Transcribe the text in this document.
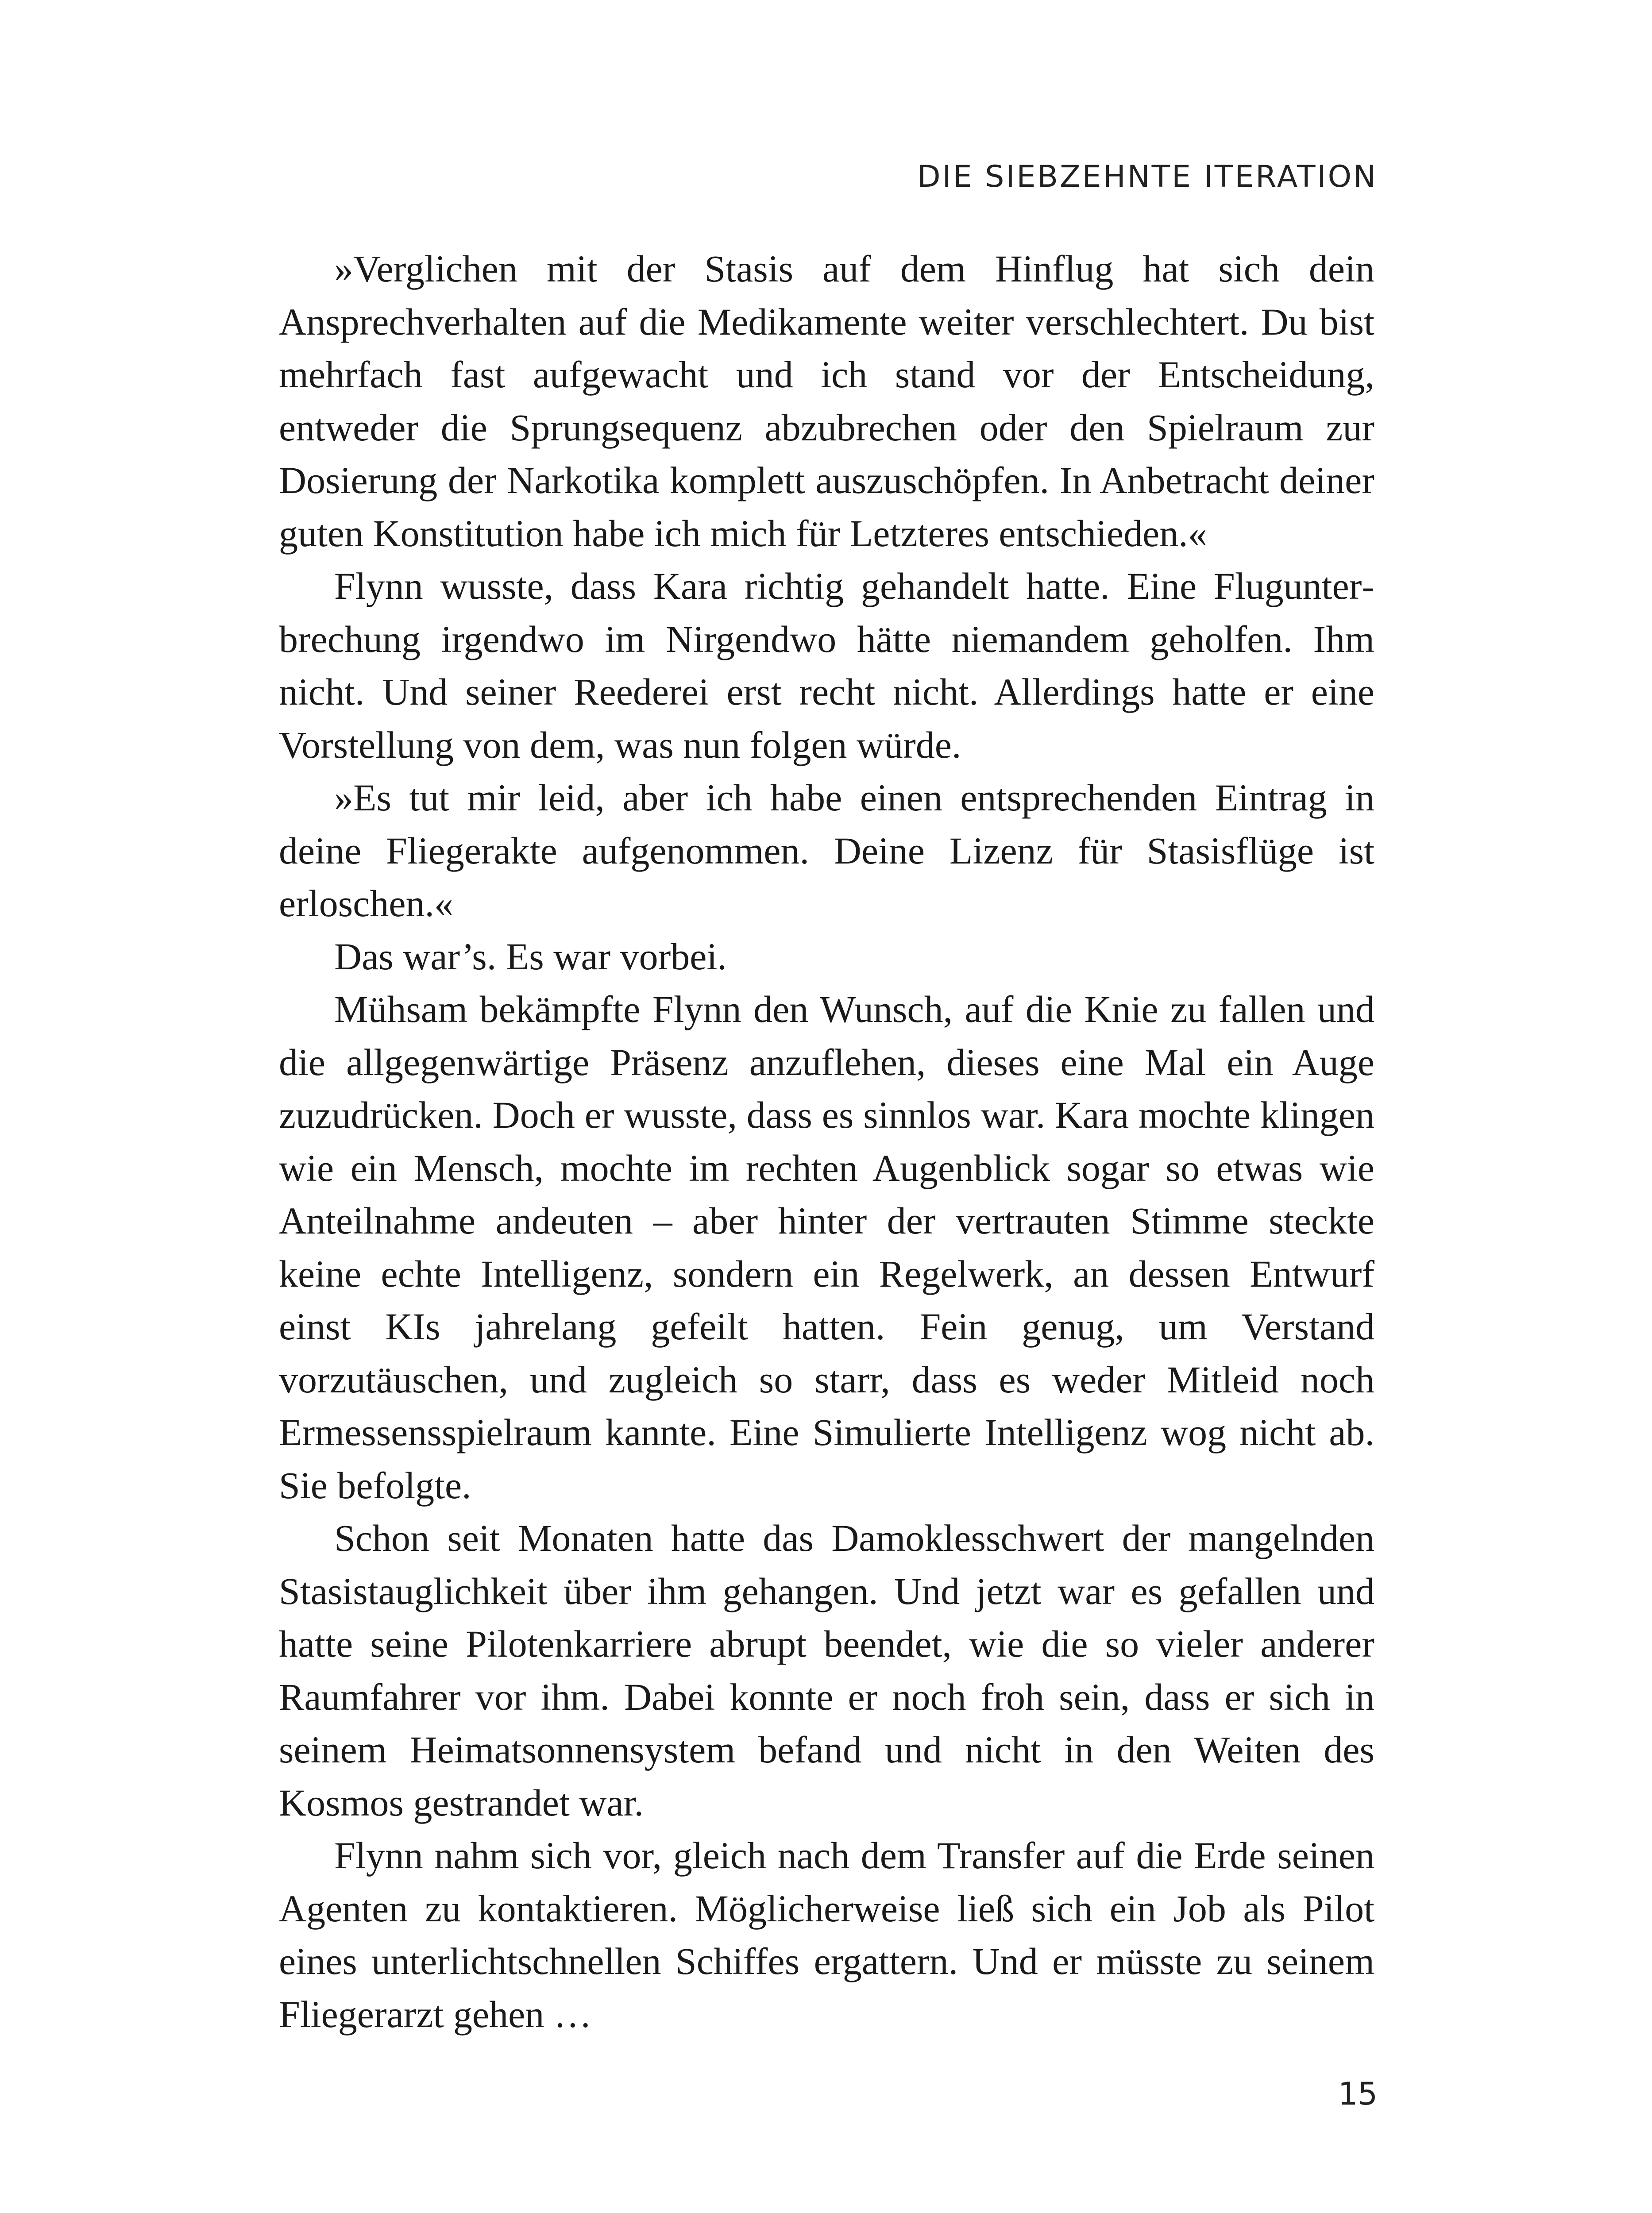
DIE SIEBZEHNTE ITERATION

»Verglichen mit der Stasis auf dem Hinflug hat sich dein Ansprechverhalten auf die Medikamente weiter verschlechtert. Du bist mehrfach fast aufgewacht und ich stand vor der Entscheidung, entweder die Sprungsequenz abzubrechen oder den Spielraum zur Dosierung der Narkotika komplett auszuschöpfen. In Anbetracht deiner guten Konstitution habe ich mich für Letzteres entschieden.«

Flynn wusste, dass Kara richtig gehandelt hatte. Eine Flugunterbrechung irgendwo im Nirgendwo hätte niemandem geholfen. Ihm nicht. Und seiner Reederei erst recht nicht. Allerdings hatte er eine Vorstellung von dem, was nun folgen würde.

»Es tut mir leid, aber ich habe einen entsprechenden Eintrag in deine Fliegerakte aufgenommen. Deine Lizenz für Stasisflüge ist erloschen.«

Das war’s. Es war vorbei.

Mühsam bekämpfte Flynn den Wunsch, auf die Knie zu fallen und die allgegenwärtige Präsenz anzuflehen, dieses eine Mal ein Auge zuzudrücken. Doch er wusste, dass es sinnlos war. Kara mochte klingen wie ein Mensch, mochte im rechten Augenblick sogar so etwas wie Anteilnahme andeuten – aber hinter der vertrauten Stimme steckte keine echte Intelligenz, sondern ein Regelwerk, an dessen Entwurf einst KIs jahrelang gefeilt hatten. Fein genug, um Verstand vorzutäuschen, und zugleich so starr, dass es weder Mitleid noch Ermessensspielraum kannte. Eine Simulierte Intelligenz wog nicht ab. Sie befolgte.

Schon seit Monaten hatte das Damoklesschwert der mangelnden Stasistauglichkeit über ihm gehangen. Und jetzt war es gefallen und hatte seine Pilotenkarriere abrupt beendet, wie die so vieler anderer Raumfahrer vor ihm. Dabei konnte er noch froh sein, dass er sich in seinem Heimatsonnensystem befand und nicht in den Weiten des Kosmos gestrandet war.

Flynn nahm sich vor, gleich nach dem Transfer auf die Erde seinen Agenten zu kontaktieren. Möglicherweise ließ sich ein Job als Pilot eines unterlichtschnellen Schiffes ergattern. Und er müsste zu seinem Fliegerarzt gehen …

15
